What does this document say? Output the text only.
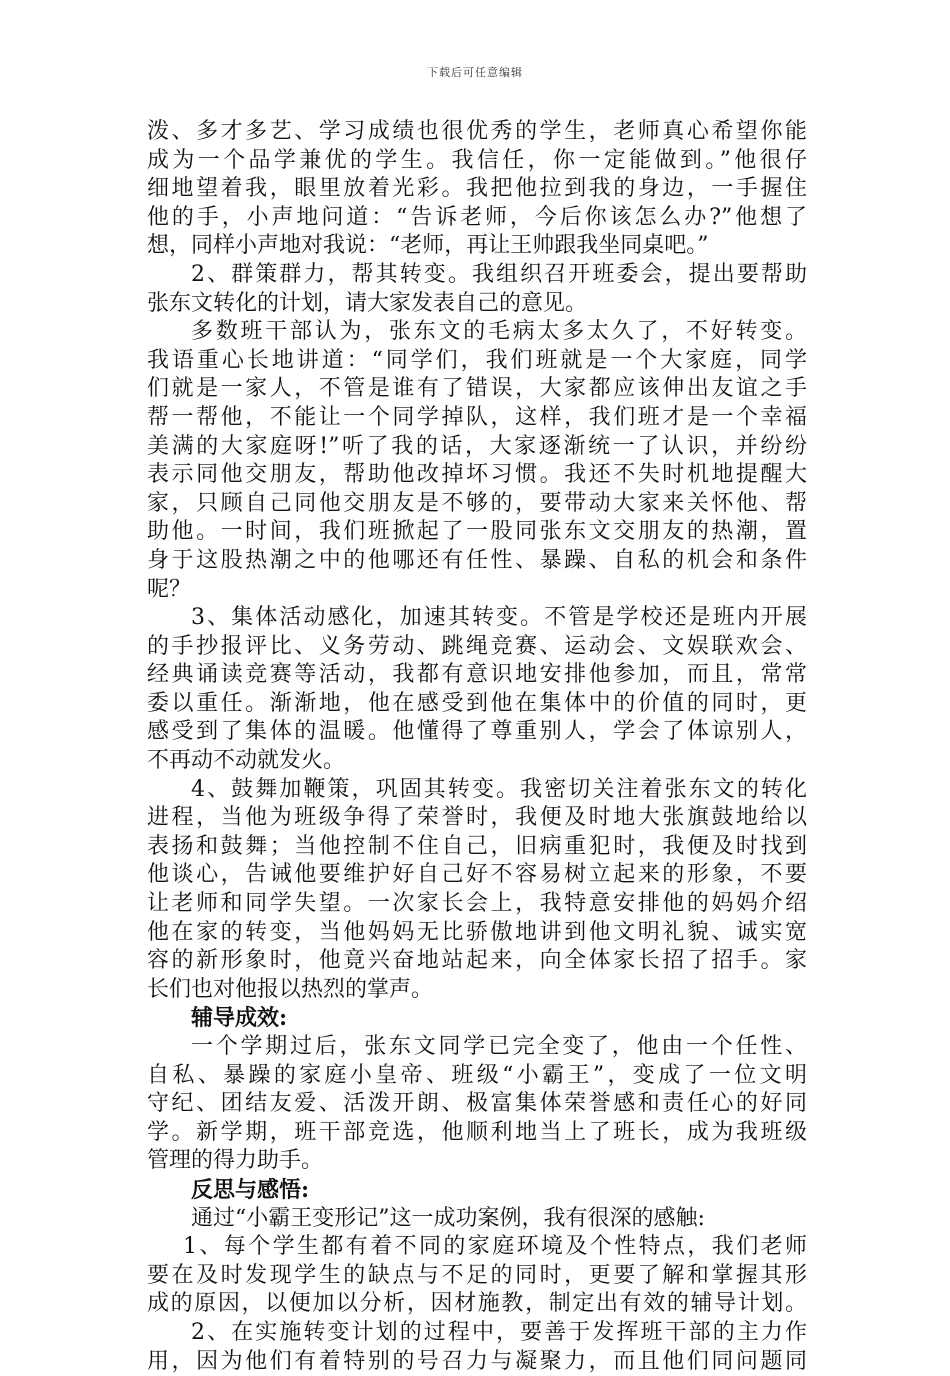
下载后可任意编辑
泼、多才多艺、学习成绩也很优秀的学生，老师真心希望你能
成为一个品学兼优的学生。我信任，你一定能做到。”他很仔
细地望着我，眼里放着光彩。我把他拉到我的身边，一手握住
他的手，小声地问道：“告诉老师，今后你该怎么办?”他想了
想，同样小声地对我说：“老师，再让王帅跟我坐同桌吧。”
2、群策群力，帮其转变。我组织召开班委会，提出要帮助
张东文转化的计划，请大家发表自己的意见。
多数班干部认为，张东文的毛病太多太久了，不好转变。
我语重心长地讲道：“同学们，我们班就是一个大家庭，同学
们就是一家人，不管是谁有了错误，大家都应该伸出友谊之手
帮一帮他，不能让一个同学掉队，这样，我们班才是一个幸福
美满的大家庭呀!”听了我的话，大家逐渐统一了认识，并纷纷
表示同他交朋友，帮助他改掉坏习惯。我还不失时机地提醒大
家，只顾自己同他交朋友是不够的，要带动大家来关怀他、帮
助他。一时间，我们班掀起了一股同张东文交朋友的热潮，置
身于这股热潮之中的他哪还有任性、暴躁、自私的机会和条件
呢？
3、集体活动感化，加速其转变。不管是学校还是班内开展
的手抄报评比、义务劳动、跳绳竞赛、运动会、文娱联欢会、
经典诵读竞赛等活动，我都有意识地安排他参加，而且，常常
委以重任。渐渐地，他在感受到他在集体中的价值的同时，更
感受到了集体的温暖。他懂得了尊重别人，学会了体谅别人，
不再动不动就发火。
4、鼓舞加鞭策，巩固其转变。我密切关注着张东文的转化
进程，当他为班级争得了荣誉时，我便及时地大张旗鼓地给以
表扬和鼓舞；当他控制不住自己，旧病重犯时，我便及时找到
他谈心，告诫他要维护好自己好不容易树立起来的形象，不要
让老师和同学失望。一次家长会上，我特意安排他的妈妈介绍
他在家的转变，当他妈妈无比骄傲地讲到他文明礼貌、诚实宽
容的新形象时，他竟兴奋地站起来，向全体家长招了招手。家
长们也对他报以热烈的掌声。
辅导成效:
一个学期过后，张东文同学已完全变了，他由一个任性、
自私、暴躁的家庭小皇帝、班级“小霸王”，变成了一位文明
守纪、团结友爱、活泼开朗、极富集体荣誉感和责任心的好同
学。新学期，班干部竞选，他顺利地当上了班长，成为我班级
管理的得力助手。
反思与感悟:
通过“小霸王变形记”这一成功案例，我有很深的感触:
1、每个学生都有着不同的家庭环境及个性特点，我们老师
要在及时发现学生的缺点与不足的同时，更要了解和掌握其形
成的原因，以便加以分析，因材施教，制定出有效的辅导计划。
2、在实施转变计划的过程中，要善于发挥班干部的主力作
用，因为他们有着特别的号召力与凝聚力，而且他们同问题同
